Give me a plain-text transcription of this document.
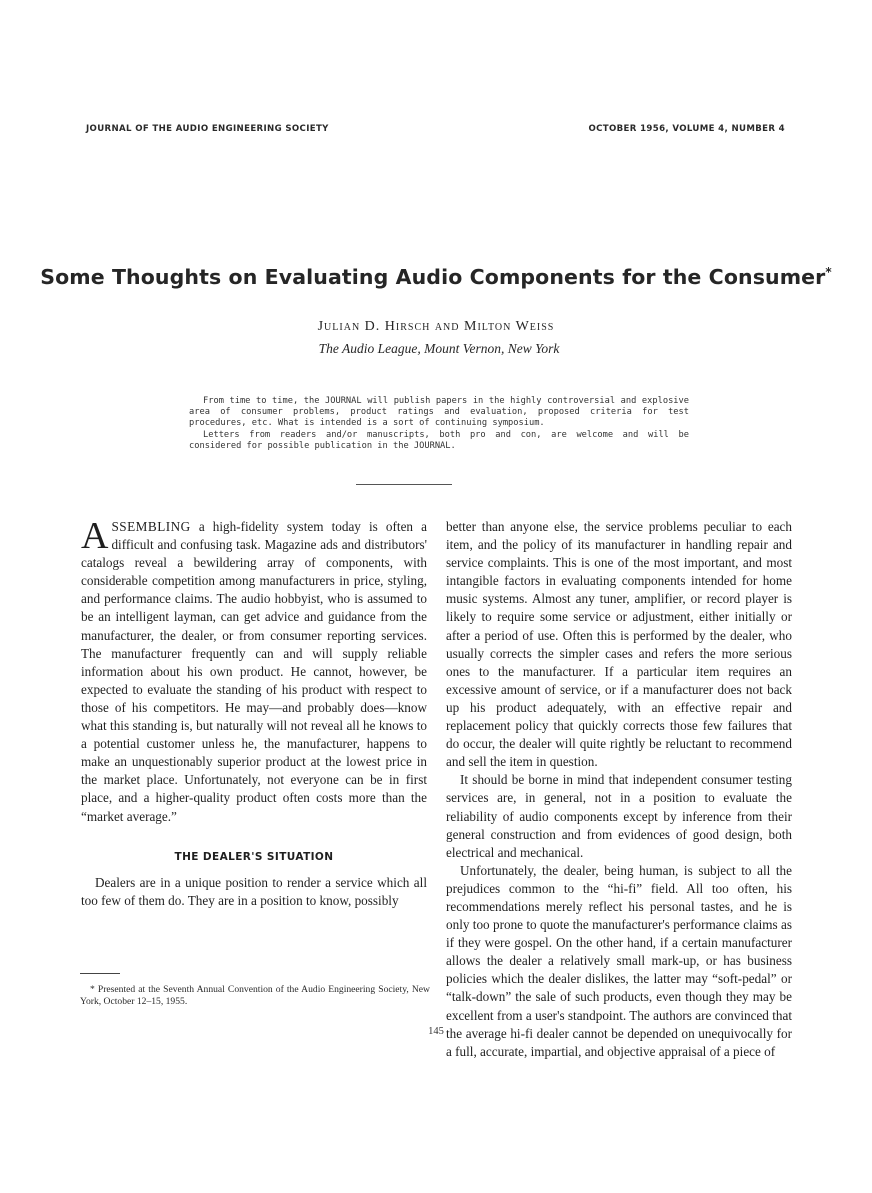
JOURNAL OF THE AUDIO ENGINEERING SOCIETY	OCTOBER 1956, VOLUME 4, NUMBER 4
Some Thoughts on Evaluating Audio Components for the Consumer*
Julian D. Hirsch and Milton Weiss
The Audio League, Mount Vernon, New York

From time to time, the JOURNAL will publish papers in the highly controversial and explosive area of consumer problems, product ratings and evaluation, proposed criteria for test procedures, etc. What is intended is a sort of continuing symposium.

Letters from readers and/or manuscripts, both pro and con, are welcome and will be considered for possible publication in the JOURNAL.

ASSEMBLING a high-fidelity system today is often a difficult and confusing task. Magazine ads and distributors' catalogs reveal a bewildering array of components, with considerable competition among manufacturers in price, styling, and performance claims. The audio hobbyist, who is assumed to be an intelligent layman, can get advice and guidance from the manufacturer, the dealer, or from consumer reporting services. The manufacturer frequently can and will supply reliable information about his own product. He cannot, however, be expected to evaluate the standing of his product with respect to those of his competitors. He may—and probably does—know what this standing is, but naturally will not reveal all he knows to a potential customer unless he, the manufacturer, happens to make an unquestionably superior product at the lowest price in the market place. Unfortunately, not everyone can be in first place, and a higher-quality product often costs more than the “market average.”

THE DEALER'S SITUATION

Dealers are in a unique position to render a service which all too few of them do. They are in a position to know, possibly

better than anyone else, the service problems peculiar to each item, and the policy of its manufacturer in handling repair and service complaints. This is one of the most important, and most intangible factors in evaluating components intended for home music systems. Almost any tuner, amplifier, or record player is likely to require some service or adjustment, either initially or after a period of use. Often this is performed by the dealer, who usually corrects the simpler cases and refers the more serious ones to the manufacturer. If a particular item requires an excessive amount of service, or if a manufacturer does not back up his product adequately, with an effective repair and replacement policy that quickly corrects those few failures that do occur, the dealer will quite rightly be reluctant to recommend and sell the item in question.

It should be borne in mind that independent consumer testing services are, in general, not in a position to evaluate the reliability of audio components except by inference from their general construction and from evidences of good design, both electrical and mechanical.

Unfortunately, the dealer, being human, is subject to all the prejudices common to the “hi-fi” field. All too often, his recommendations merely reflect his personal tastes, and he is only too prone to quote the manufacturer's performance claims as if they were gospel. On the other hand, if a certain manufacturer allows the dealer a relatively small mark-up, or has business policies which the dealer dislikes, the latter may “soft-pedal” or “talk-down” the sale of such products, even though they may be excellent from a user's standpoint. The authors are convinced that the average hi-fi dealer cannot be depended on unequivocally for a full, accurate, impartial, and objective appraisal of a piece of

* Presented at the Seventh Annual Convention of the Audio Engineering Society, New York, October 12–15, 1955.
145
